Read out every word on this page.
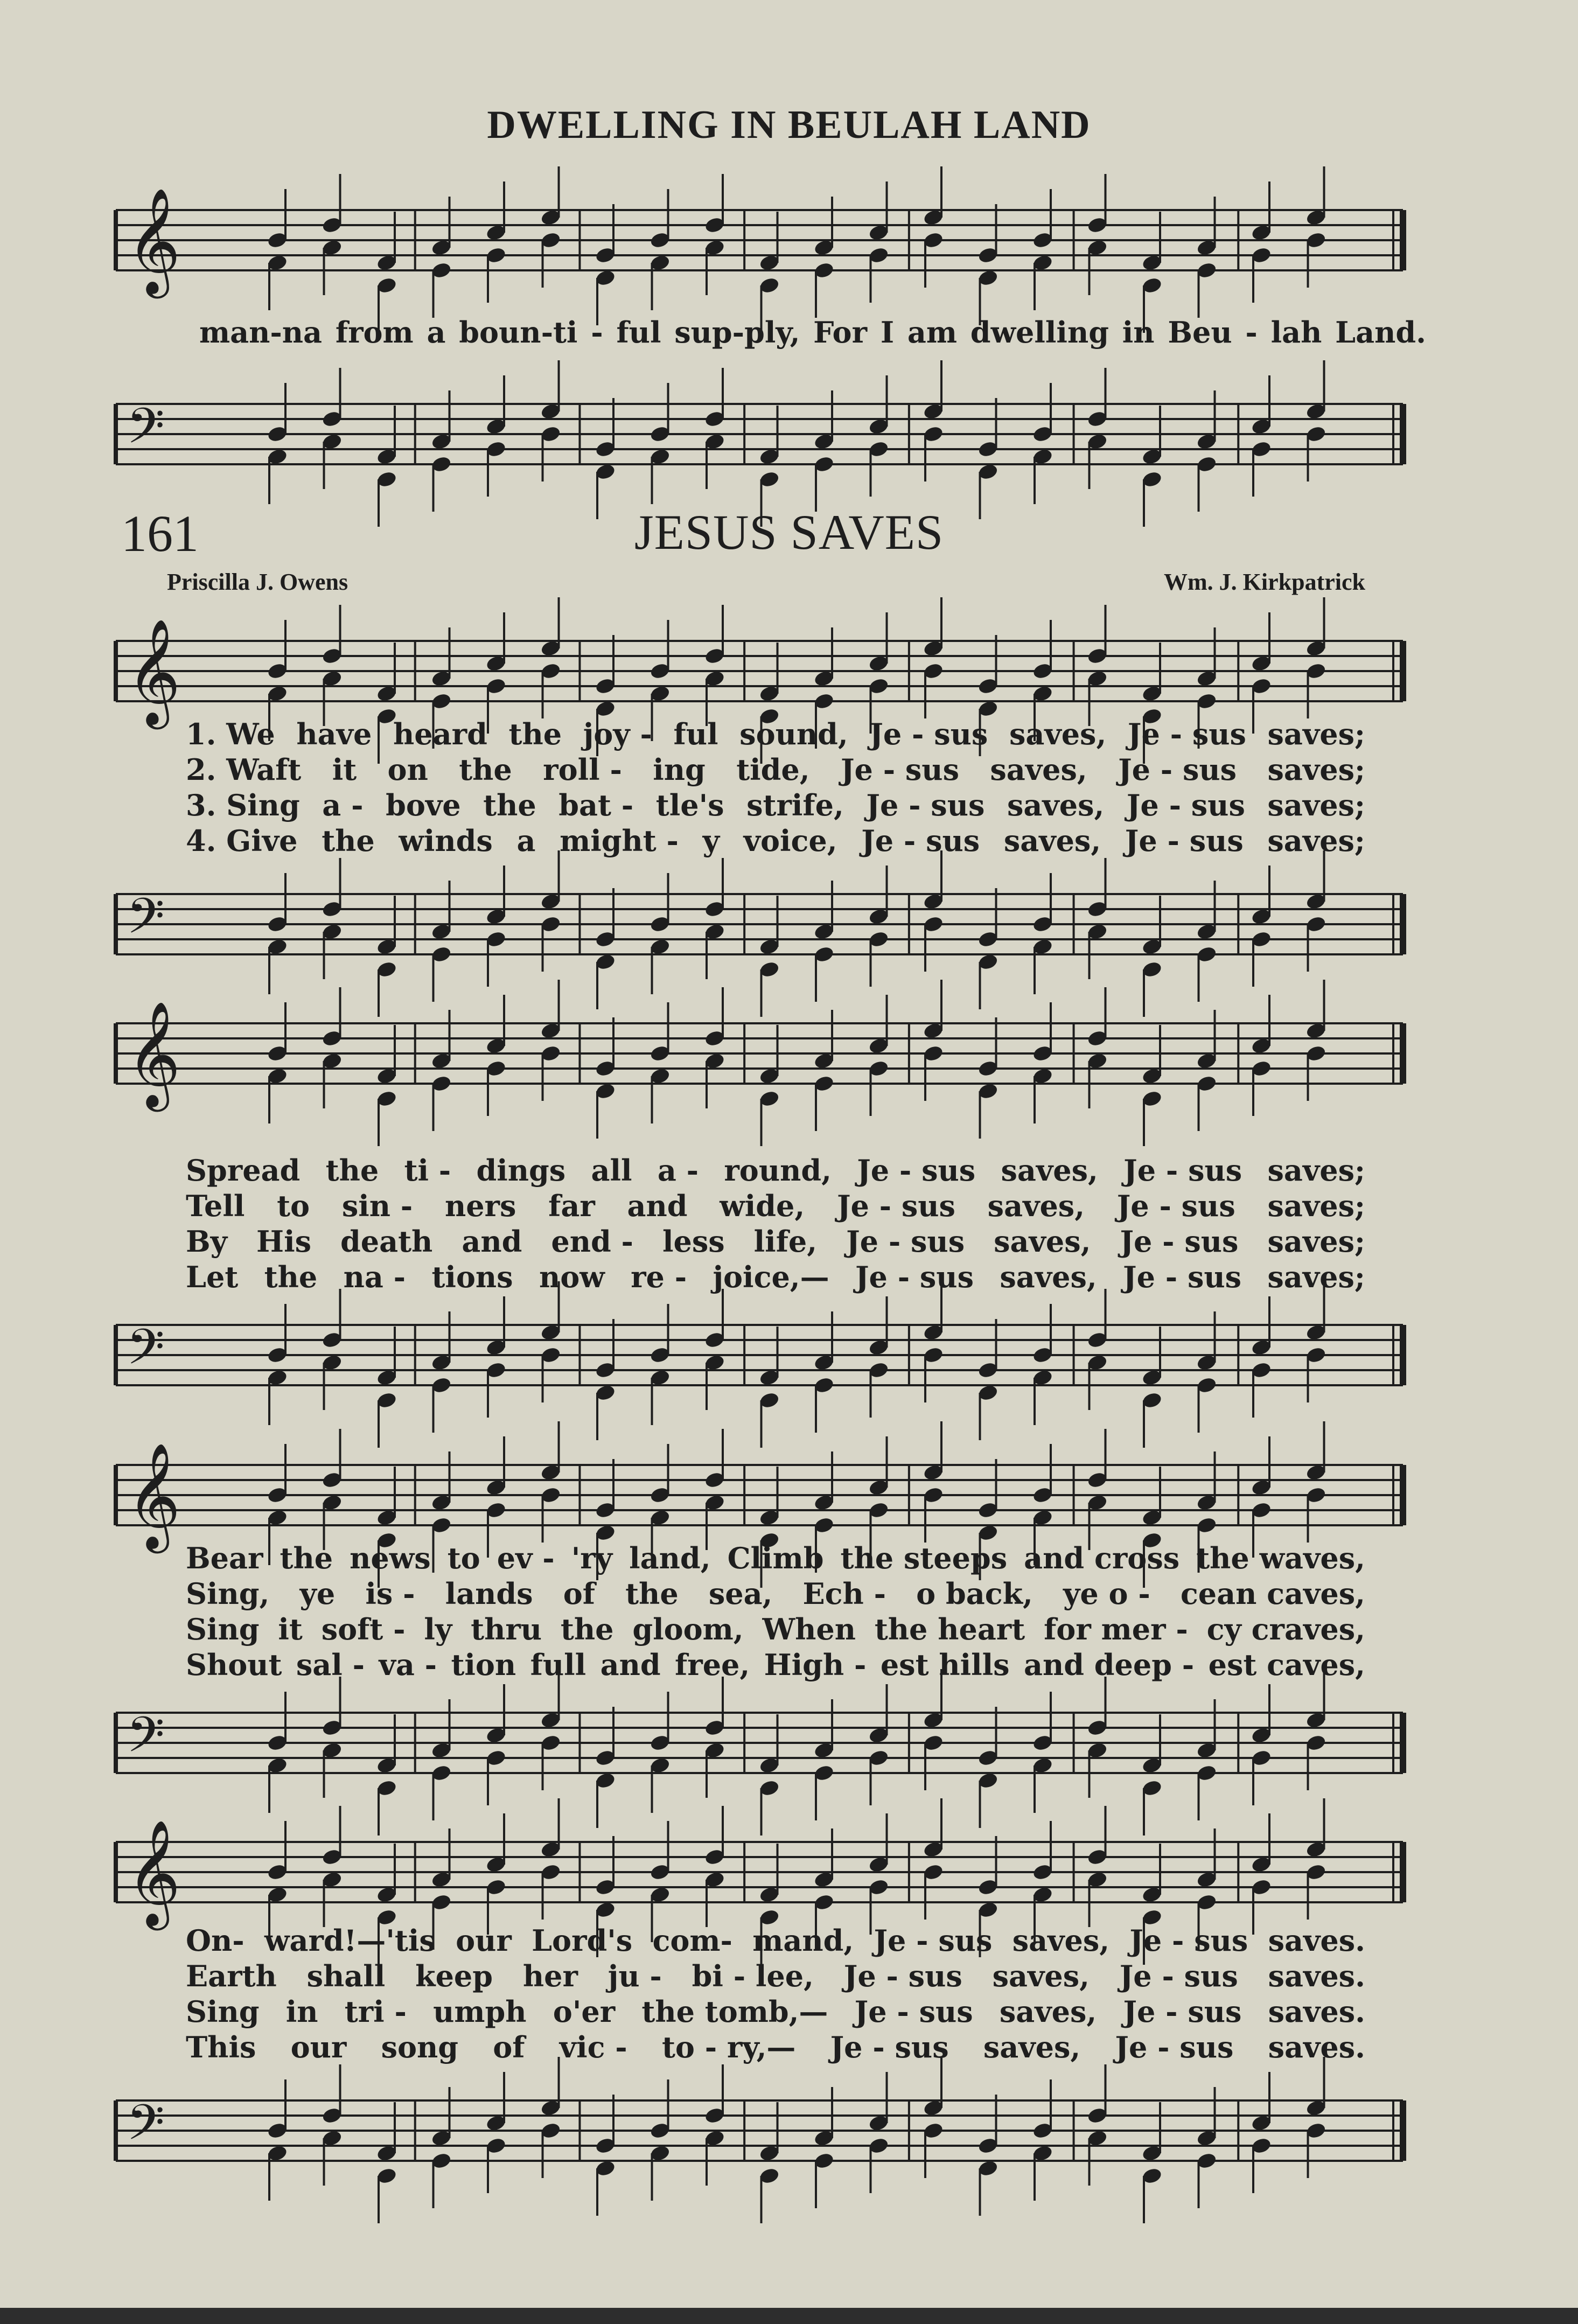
DWELLING IN BEULAH LAND
𝄞
man-na from a boun-ti - ful sup-ply, For I am dwelling in Beu - lah Land.
𝄢
161	JESUS SAVES
Priscilla J. Owens	Wm. J. Kirkpatrick
𝄞
𝄢
𝄞
𝄢
𝄞
𝄢
𝄞
𝄢
1. We have heard the joy - ful sound, Je - sus saves, Je - sus saves;
2. Waft it on the roll - ing tide, Je - sus saves, Je - sus saves;
3. Sing a - bove the bat - tle's strife, Je - sus saves, Je - sus saves;
4. Give the winds a might - y voice, Je - sus saves, Je - sus saves;
Spread the ti - dings all a - round, Je - sus saves, Je - sus saves;
Tell to sin - ners far and wide, Je - sus saves, Je - sus saves;
By His death and end - less life, Je - sus saves, Je - sus saves;
Let the na - tions now re - joice,— Je - sus saves, Je - sus saves;
Bear the news to ev - 'ry land, Climb the steeps and cross the waves,
Sing, ye is - lands of the sea, Ech - o back, ye o - cean caves,
Sing it soft - ly thru the gloom, When the heart for mer - cy craves,
Shout sal - va - tion full and free, High - est hills and deep - est caves,
On- ward!—'tis our Lord's com- mand, Je - sus saves, Je - sus saves.
Earth shall keep her ju - bi - lee, Je - sus saves, Je - sus saves.
Sing in tri - umph o'er the tomb,— Je - sus saves, Je - sus saves.
This our song of vic - to - ry,— Je - sus saves, Je - sus saves.
